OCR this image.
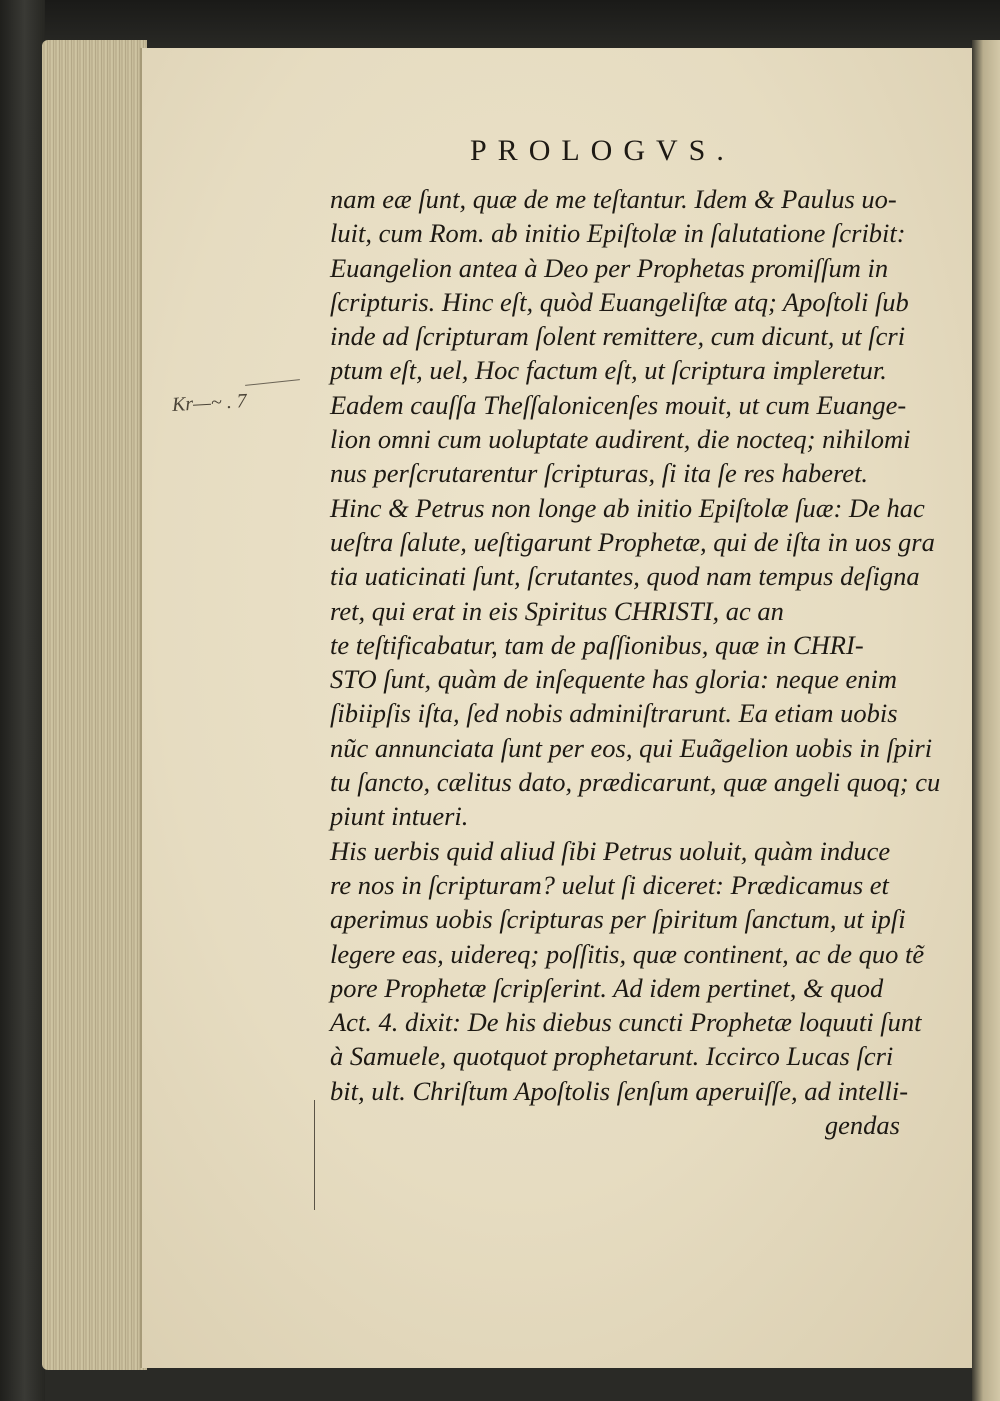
PROLOGVS.
Kr—~ . 7
nam eæ ſunt, quæ de me teſtantur. Idem & Paulus uo-
luit, cum Rom. ab initio Epiſtolæ in ſalutatione ſcribit:
Euangelion antea à Deo per Prophetas promiſſum in
ſcripturis. Hinc eſt, quòd Euangeliſtæ atq; Apoſtoli ſub
inde ad ſcripturam ſolent remittere, cum dicunt, ut ſcri
ptum eſt, uel, Hoc factum eſt, ut ſcriptura impleretur.
Eadem cauſſa Theſſalonicenſes mouit, ut cum Euange-
lion omni cum uoluptate audirent, die nocteq; nihilomi
nus perſcrutarentur ſcripturas, ſi ita ſe res haberet.
Hinc & Petrus non longe ab initio Epiſtolæ ſuæ: De hac
ueſtra ſalute, ueſtigarunt Prophetæ, qui de iſta in uos gra
tia uaticinati ſunt, ſcrutantes, quod nam tempus deſigna
ret, qui erat in eis Spiritus CHRISTI, ac an
te teſtificabatur, tam de paſſionibus, quæ in CHRI-
STO ſunt, quàm de inſequente has gloria: neque enim
ſibiipſis iſta, ſed nobis adminiſtrarunt. Ea etiam uobis
nũc annunciata ſunt per eos, qui Euãgelion uobis in ſpiri
tu ſancto, cælitus dato, prædicarunt, quæ angeli quoq; cu
piunt intueri.
His uerbis quid aliud ſibi Petrus uoluit, quàm induce
re nos in ſcripturam? uelut ſi diceret: Prædicamus et
aperimus uobis ſcripturas per ſpiritum ſanctum, ut ipſi
legere eas, uidereq; poſſitis, quæ continent, ac de quo tẽ
pore Prophetæ ſcripſerint. Ad idem pertinet, & quod
Act. 4. dixit: De his diebus cuncti Prophetæ loquuti ſunt
à Samuele, quotquot prophetarunt. Iccirco Lucas ſcri
bit, ult. Chriſtum Apoſtolis ſenſum aperuiſſe, ad intelli-
gendas
